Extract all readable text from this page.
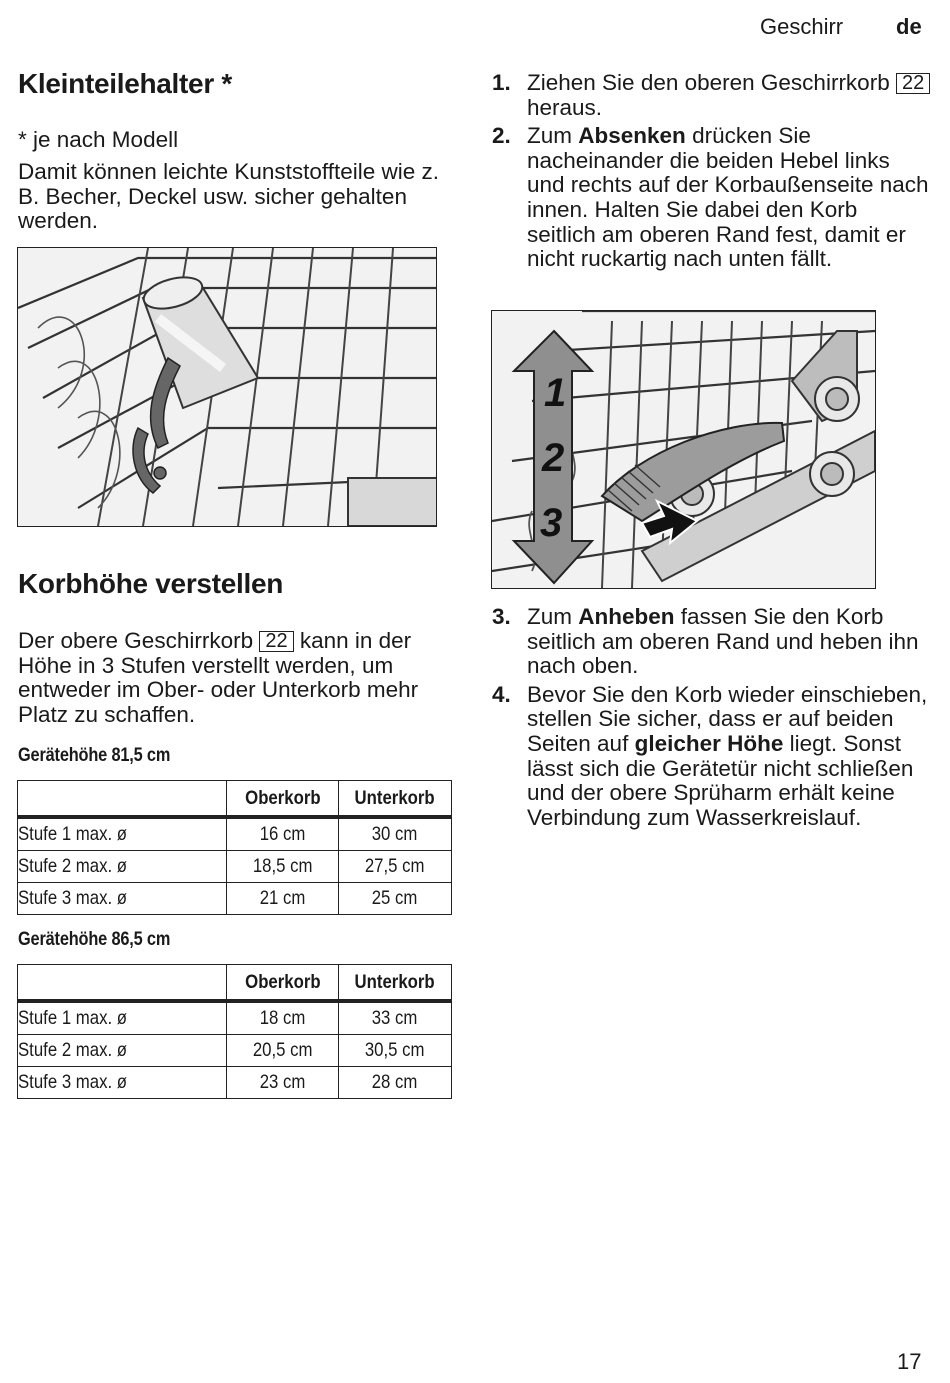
Geschirr de
Kleinteilehalter *

* je nach Modell

Damit können leichte Kunststoffteile wie z. B. Becher, Deckel usw. sicher gehalten werden.

Korbhöhe verstellen

Der obere Geschirrkorb 22 kann in der Höhe in 3 Stufen verstellt werden, um entweder im Ober- oder Unterkorb mehr Platz zu schaffen.

Gerätehöhe 81,5 cm
	Oberkorb	Unterkorb
Stufe 1 max. ø	16 cm	30 cm
Stufe 2 max. ø	18,5 cm	27,5 cm
Stufe 3 max. ø	21 cm	25 cm
Gerätehöhe 86,5 cm
	Oberkorb	Unterkorb
Stufe 1 max. ø	18 cm	33 cm
Stufe 2 max. ø	20,5 cm	30,5 cm
Stufe 3 max. ø	23 cm	28 cm

1. Ziehen Sie den oberen Geschirrkorb 22 heraus.

2. Zum Absenken drücken Sie nacheinander die beiden Hebel links und rechts auf der Korbaußenseite nach innen. Halten Sie dabei den Korb seitlich am oberen Rand fest, damit er nicht ruckartig nach unten fällt.

1
2
3

3. Zum Anheben fassen Sie den Korb seitlich am oberen Rand und heben ihn nach oben.

4. Bevor Sie den Korb wieder einschieben, stellen Sie sicher, dass er auf beiden Seiten auf gleicher Höhe liegt. Sonst lässt sich die Gerätetür nicht schließen und der obere Sprüharm erhält keine Verbindung zum Wasserkreislauf.

17
